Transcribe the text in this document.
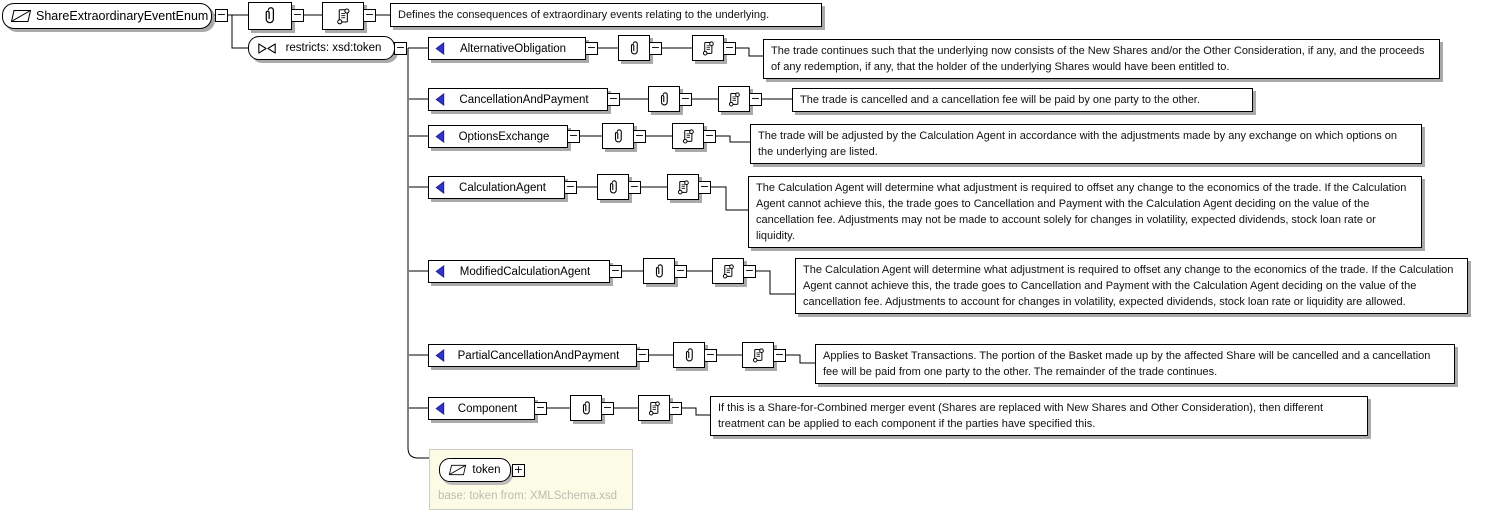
ShareExtraordinaryEventEnum −	−	−	Defines the consequences of extraordinary events relating to the underlying.
restricts: xsd:token	−	AlternativeObligation	−	−	−	The trade continues such that the underlying now consists of the New Shares and/or the Other Consideration, if any, and the proceeds of any redemption, if any, that the holder of the underlying Shares would have been entitled to.
CancellationAndPayment	−	−	−	The trade is cancelled and a cancellation fee will be paid by one party to the other.
OptionsExchange	−	−	−	The trade will be adjusted by the Calculation Agent in accordance with the adjustments made by any exchange on which options on the underlying are listed.
CalculationAgent	−	−	−	The Calculation Agent will determine what adjustment is required to offset any change to the economics of the trade. If the Calculation Agent cannot achieve this, the trade goes to Cancellation and Payment with the Calculation Agent deciding on the value of the cancellation fee. Adjustments may not be made to account solely for changes in volatility, expected dividends, stock loan rate or liquidity.
ModifiedCalculationAgent	−	−	−	The Calculation Agent will determine what adjustment is required to offset any change to the economics of the trade. If the Calculation Agent cannot achieve this, the trade goes to Cancellation and Payment with the Calculation Agent deciding on the value of the cancellation fee. Adjustments to account for changes in volatility, expected dividends, stock loan rate or liquidity are allowed.
PartialCancellationAndPayment	−	−	−	Applies to Basket Transactions. The portion of the Basket made up by the affected Share will be cancelled and a cancellation fee will be paid from one party to the other. The remainder of the trade continues.
Component	−	−	−	If this is a Share-for-Combined merger event (Shares are replaced with New Shares and Other Consideration), then different treatment can be applied to each component if the parties have specified this.
token	+
base: token from: XMLSchema.xsd
